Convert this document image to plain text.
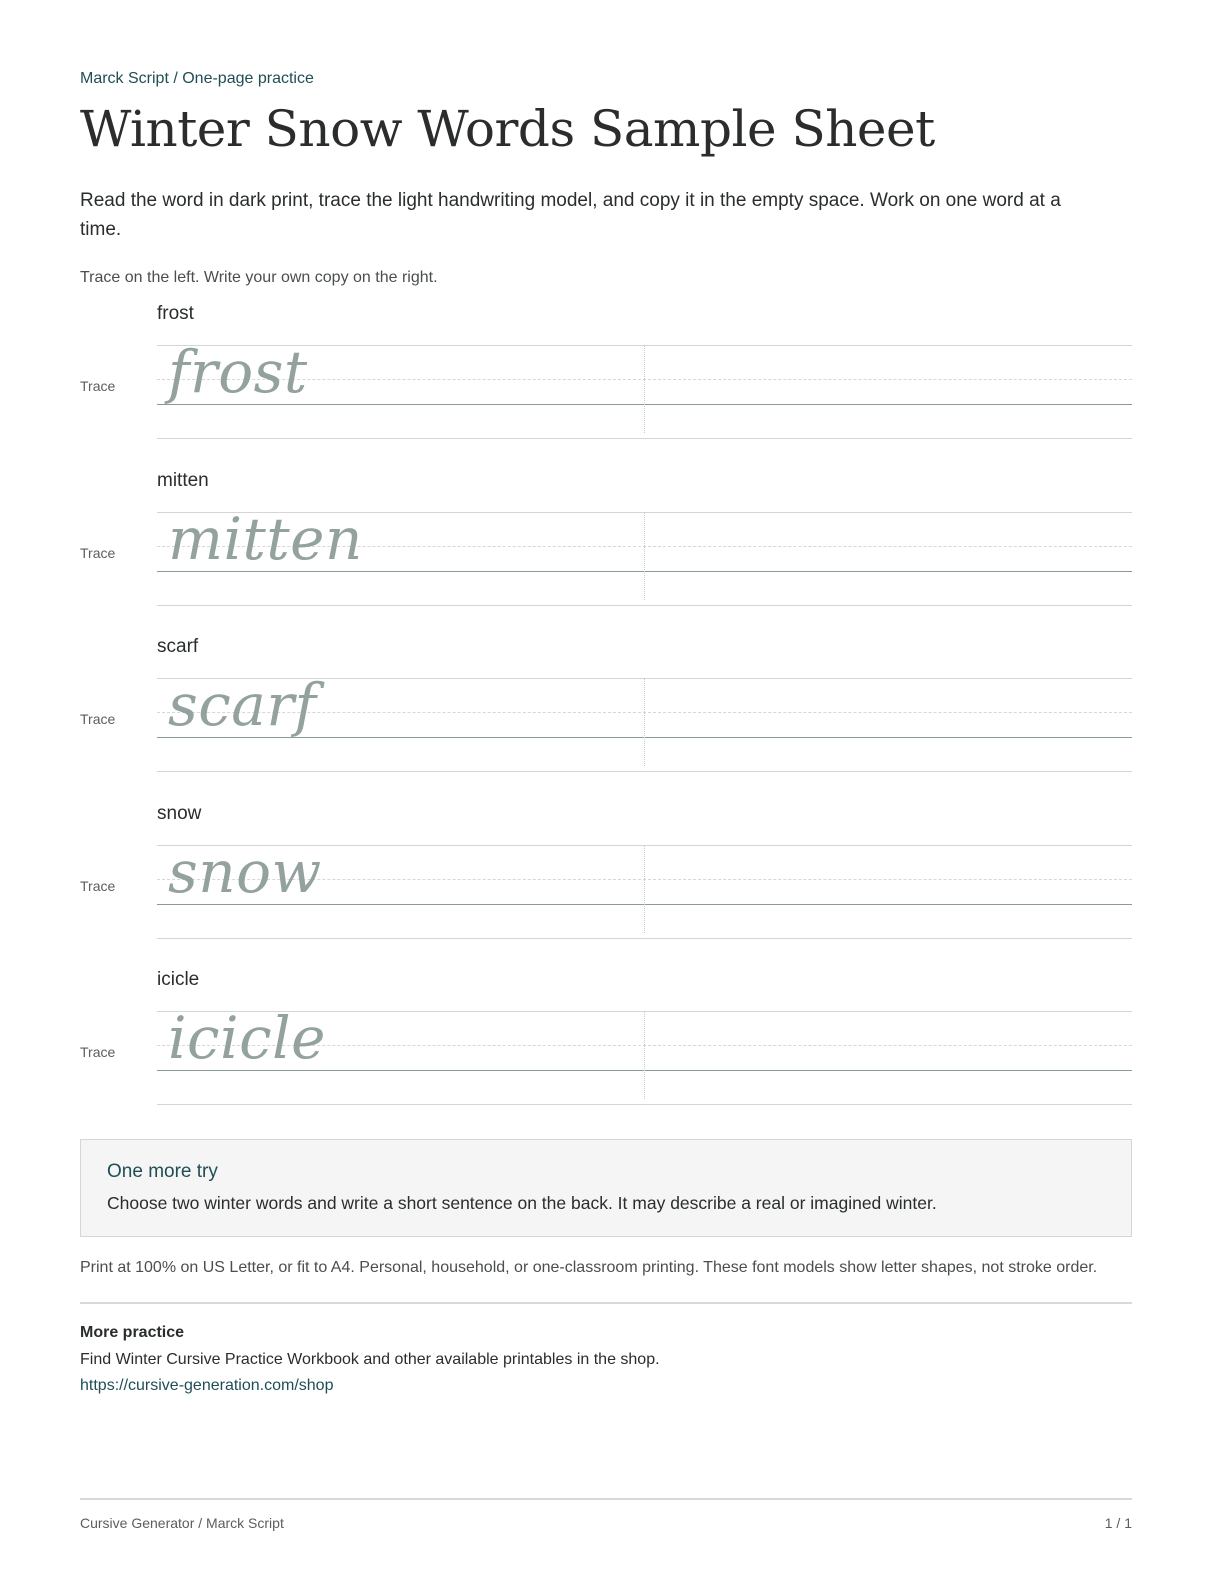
Marck Script / One-page practice
Winter Snow Words Sample Sheet

Read the word in dark print, trace the light handwriting model, and copy it in the empty space. Work on one word at a time.

Trace on the left. Write your own copy on the right.

frost
Trace frost
mitten
Trace mitten
scarf
Trace scarf
snow
Trace snow
icicle
Trace icicle
One more try
Choose two winter words and write a short sentence on the back. It may describe a real or imagined winter.

Print at 100% on US Letter, or fit to A4. Personal, household, or one-classroom printing. These font models show letter shapes, not stroke order.

More practice
Find Winter Cursive Practice Workbook and other available printables in the shop.
https://cursive-generation.com/shop
Cursive Generator / Marck Script	1 / 1
